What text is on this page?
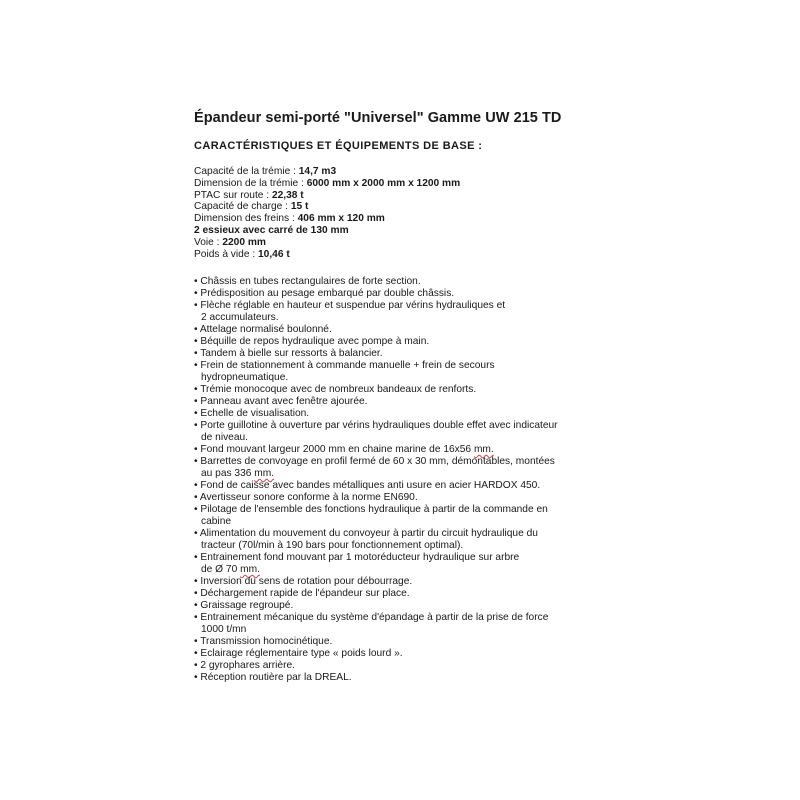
Épandeur semi-porté "Universel" Gamme UW 215 TD
CARACTÉRISTIQUES ET ÉQUIPEMENTS DE BASE :
Capacité de la trémie : 14,7 m3
Dimension de la trémie : 6000 mm x 2000 mm x 1200 mm
PTAC sur route : 22,38 t
Capacité de charge : 15 t
Dimension des freins : 406 mm x 120 mm
2 essieux avec carré de 130 mm
Voie : 2200 mm
Poids à vide : 10,46 t
• Châssis en tubes rectangulaires de forte section.
• Prédisposition au pesage embarqué par double châssis.
• Flèche réglable en hauteur et suspendue par vérins hydrauliques et
2 accumulateurs.
• Attelage normalisé boulonné.
• Béquille de repos hydraulique avec pompe à main.
• Tandem à bielle sur ressorts à balancier.
• Frein de stationnement à commande manuelle + frein de secours
hydropneumatique.
• Trémie monocoque avec de nombreux bandeaux de renforts.
• Panneau avant avec fenêtre ajourée.
• Echelle de visualisation.
• Porte guillotine à ouverture par vérins hydrauliques double effet avec indicateur
de niveau.
• Fond mouvant largeur 2000 mm en chaine marine de 16x56 mm.
• Barrettes de convoyage en profil fermé de 60 x 30 mm, démontables, montées
au pas 336 mm.
• Fond de caisse avec bandes métalliques anti usure en acier HARDOX 450.
• Avertisseur sonore conforme à la norme EN690.
• Pilotage de l'ensemble des fonctions hydraulique à partir de la commande en
cabine
• Alimentation du mouvement du convoyeur à partir du circuit hydraulique du
tracteur (70l/min à 190 bars pour fonctionnement optimal).
• Entrainement fond mouvant par 1 motoréducteur hydraulique sur arbre
de Ø 70 mm.
• Inversion du sens de rotation pour débourrage.
• Déchargement rapide de l'épandeur sur place.
• Graissage regroupé.
• Entrainement mécanique du système d'épandage à partir de la prise de force
1000 t/mn
• Transmission homocinétique.
• Eclairage réglementaire type « poids lourd ».
• 2 gyrophares arrière.
• Réception routière par la DREAL.
